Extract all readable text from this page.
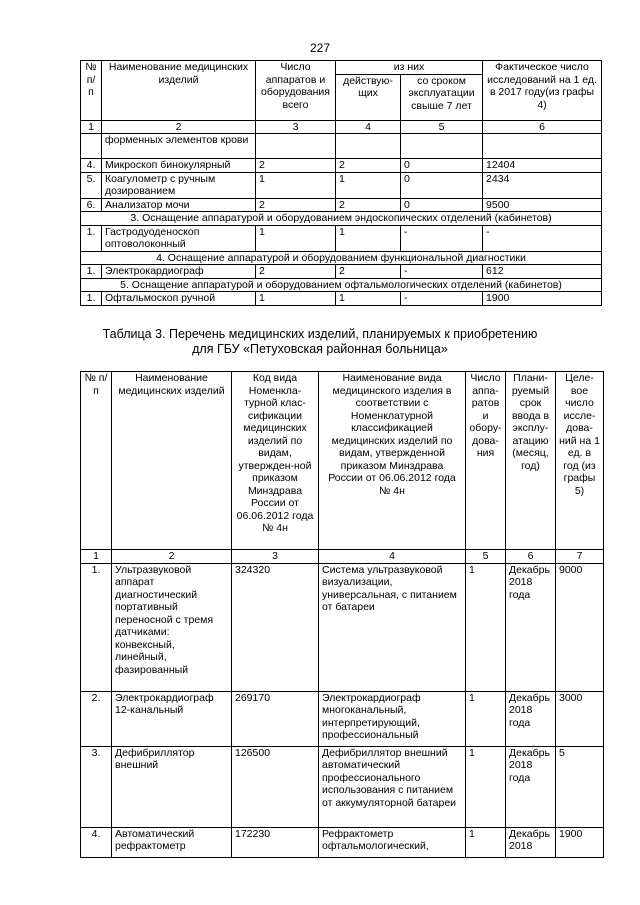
227
№ п/п	Наименование медицинских изделий	Число аппаратов и оборудования всего	из них		Фактическое число исследований на 1 ед. в 2017 году(из графы 4)
			действую-щих	со сроком эксплуатации свыше 7 лет	
1	2	3	4	5	6
	форменных элементов крови				
4.	Микроскоп бинокулярный	2	2	0	12404
5.	Коагулометр с ручным дозированием	1	1	0	2434
6.	Анализатор мочи	2	2	0	9500
3. Оснащение аппаратурой и оборудованием эндоскопических отделений (кабинетов)					
1.	Гастродуоденоскоп оптоволоконный	1	1	-	-
4. Оснащение аппаратурой и оборудованием функциональной диагностики					
1.	Электрокардиограф	2	2	-	612
5. Оснащение аппаратурой и оборудованием офтальмологических отделений (кабинетов)					
1.	Офтальмоскоп ручной	1	1	-	1900
Таблица 3. Перечень медицинских изделий, планируемых к приобретению
для ГБУ «Петуховская районная больница»
№ п/п	Наименование медицинских изделий	Код вида Номенкла-турной клас-сификации медицинских изделий по видам, утвержден-ной приказом Минздрава России от 06.06.2012 года № 4н	Наименование вида медицинского изделия в соответствии с Номенклатурной классификацией медицинских изделий по видам, утвержденной приказом Минздрава России от 06.06.2012 года № 4н	Число аппа-ратов и обору-дова-ния	Плани-руемый срок ввода в эксплу-атацию (месяц, год)	Целе-вое число иссле-дова-ний на 1 ед. в год (из графы 5)
1	2	3	4	5	6	7
1.	Ультразвуковой аппарат диагностический портативный переносной с тремя датчиками: конвексный, линейный, фазированный	324320	Система ультразвуковой визуализации, универсальная, с питанием от батареи	1	Декабрь 2018 года	9000
2.	Электрокардиограф 12-канальный	269170	Электрокардиограф многоканальный, интерпретирующий, профессиональный	1	Декабрь 2018 года	3000
3.	Дефибриллятор внешний	126500	Дефибриллятор внешний автоматический профессионального использования с питанием от аккумуляторной батареи	1	Декабрь 2018 года	5
4.	Автоматический рефрактометр	172230	Рефрактометр офтальмологический,	1	Декабрь 2018	1900
